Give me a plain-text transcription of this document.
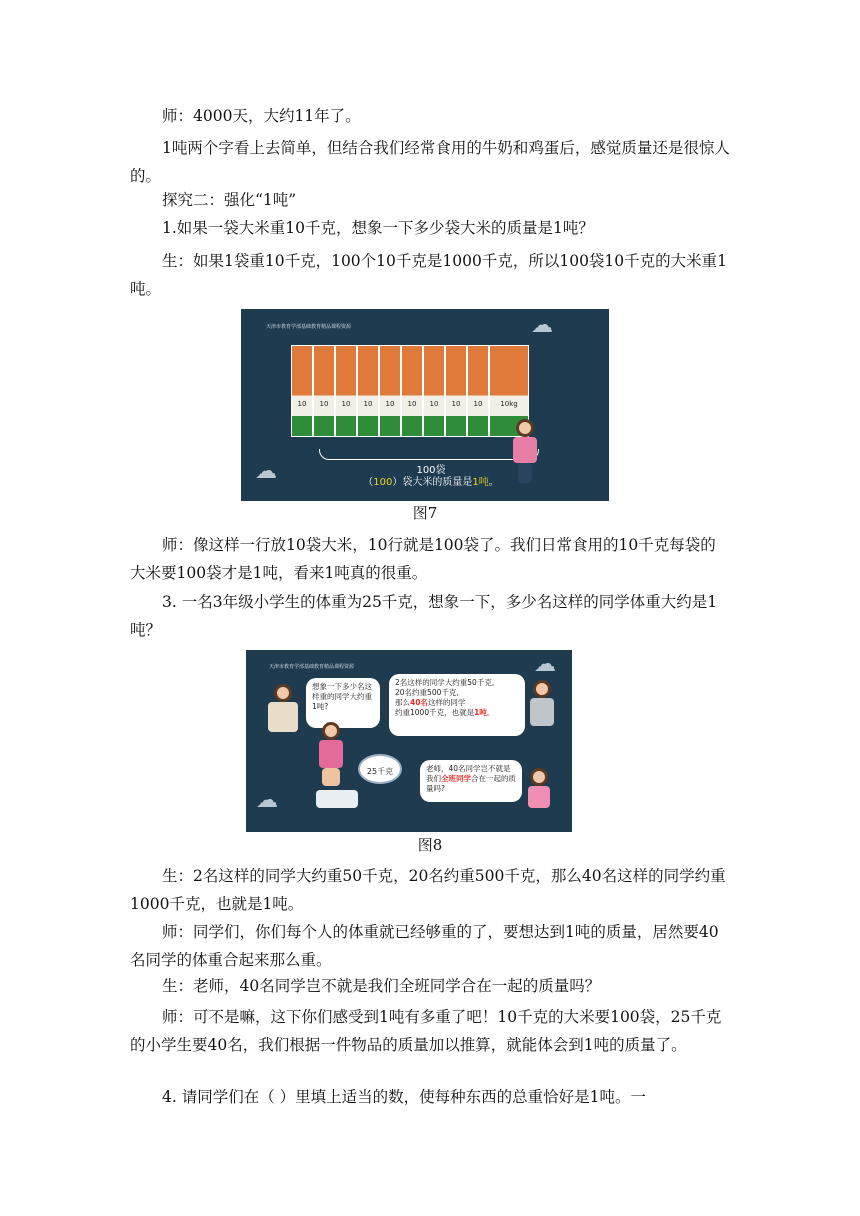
师：4000天，大约11年了。

1吨两个字看上去简单，但结合我们经常食用的牛奶和鸡蛋后，感觉质量还是很惊人的。

探究二：强化“1吨”

1.如果一袋大米重10千克，想象一下多少袋大米的质量是1吨？

生：如果1袋重10千克，100个10千克是1000千克，所以100袋10千克的大米重1吨。

天津市教育学部基础教育精品课程资源	☁
☁
10	10	10	10	10	10	10	10	10	10kg
100袋
（100）袋大米的质量是1吨。
图7

师：像这样一行放10袋大米，10行就是100袋了。我们日常食用的10千克每袋的大米要100袋才是1吨，看来1吨真的很重。

3. 一名3年级小学生的体重为25千克，想象一下，多少名这样的同学体重大约是1吨？

天津市教育学部基础教育精品课程资源	☁
☁
想象一下多少名这样重的同学大约重1吨?
2名这样的同学大约重50千克,
20名约重500千克,
那么40名这样的同学
约重1000千克，也就是1吨。
老师，40名同学岂不就是我们全班同学合在一起的质量吗?
25千克
图8

生：2名这样的同学大约重50千克，20名约重500千克，那么40名这样的同学约重1000千克，也就是1吨。

师：同学们，你们每个人的体重就已经够重的了，要想达到1吨的质量，居然要40名同学的体重合起来那么重。

生：老师，40名同学岂不就是我们全班同学合在一起的质量吗？

师：可不是嘛，这下你们感受到1吨有多重了吧！10千克的大米要100袋，25千克的小学生要40名，我们根据一件物品的质量加以推算，就能体会到1吨的质量了。

4. 请同学们在（ ）里填上适当的数，使每种东西的总重恰好是1吨。一
